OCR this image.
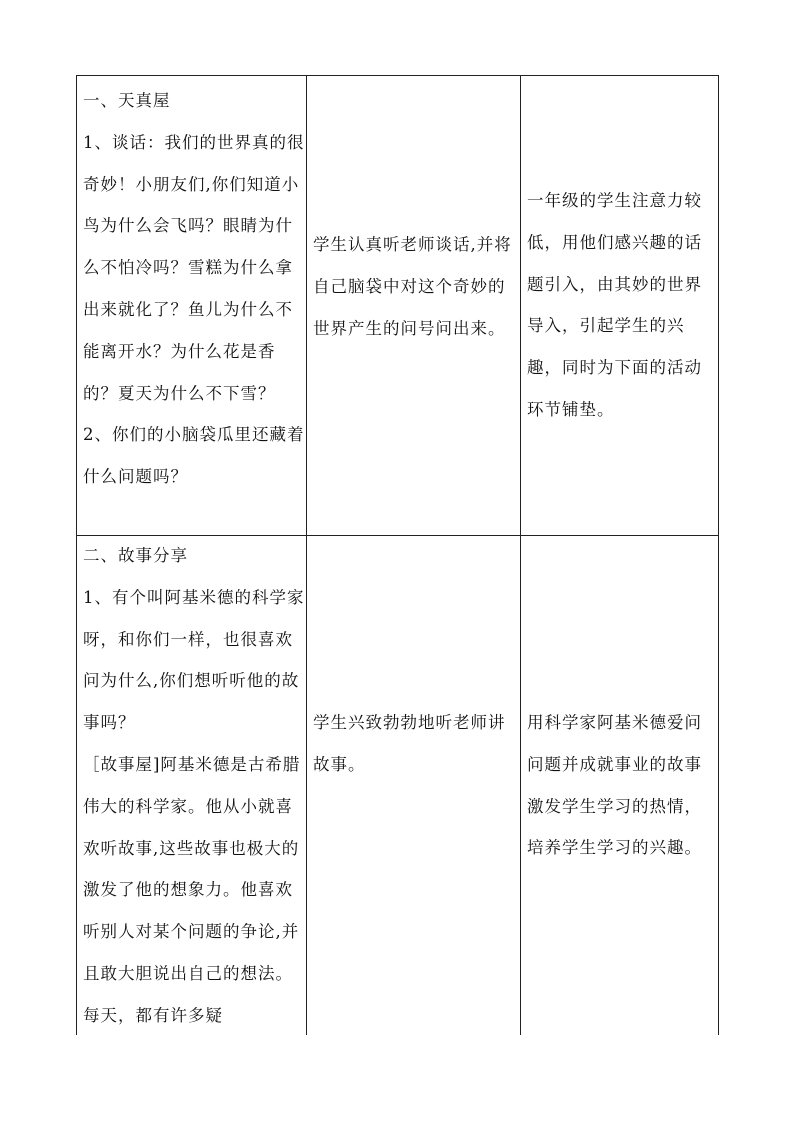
一、天真屋

1、谈话：我们的世界真的很奇妙！小朋友们,你们知道小鸟为什么会飞吗？眼睛为什么不怕冷吗？雪糕为什么拿出来就化了？鱼儿为什么不能离开水？为什么花是香的？夏天为什么不下雪？

2、你们的小脑袋瓜里还藏着什么问题吗？

学生认真听老师谈话,并将自己脑袋中对这个奇妙的世界产生的问号问出来。

一年级的学生注意力较低，用他们感兴趣的话题引入，由其妙的世界导入，引起学生的兴趣，同时为下面的活动环节铺垫。

二、故事分享

1、有个叫阿基米德的科学家呀，和你们一样，也很喜欢问为什么,你们想听听他的故事吗？

［故事屋]阿基米德是古希腊伟大的科学家。他从小就喜欢听故事,这些故事也极大的激发了他的想象力。他喜欢听别人对某个问题的争论,并且敢大胆说出自己的想法。每天，都有许多疑

学生兴致勃勃地听老师讲故事。

用科学家阿基米德爱问问题并成就事业的故事激发学生学习的热情，培养学生学习的兴趣。
